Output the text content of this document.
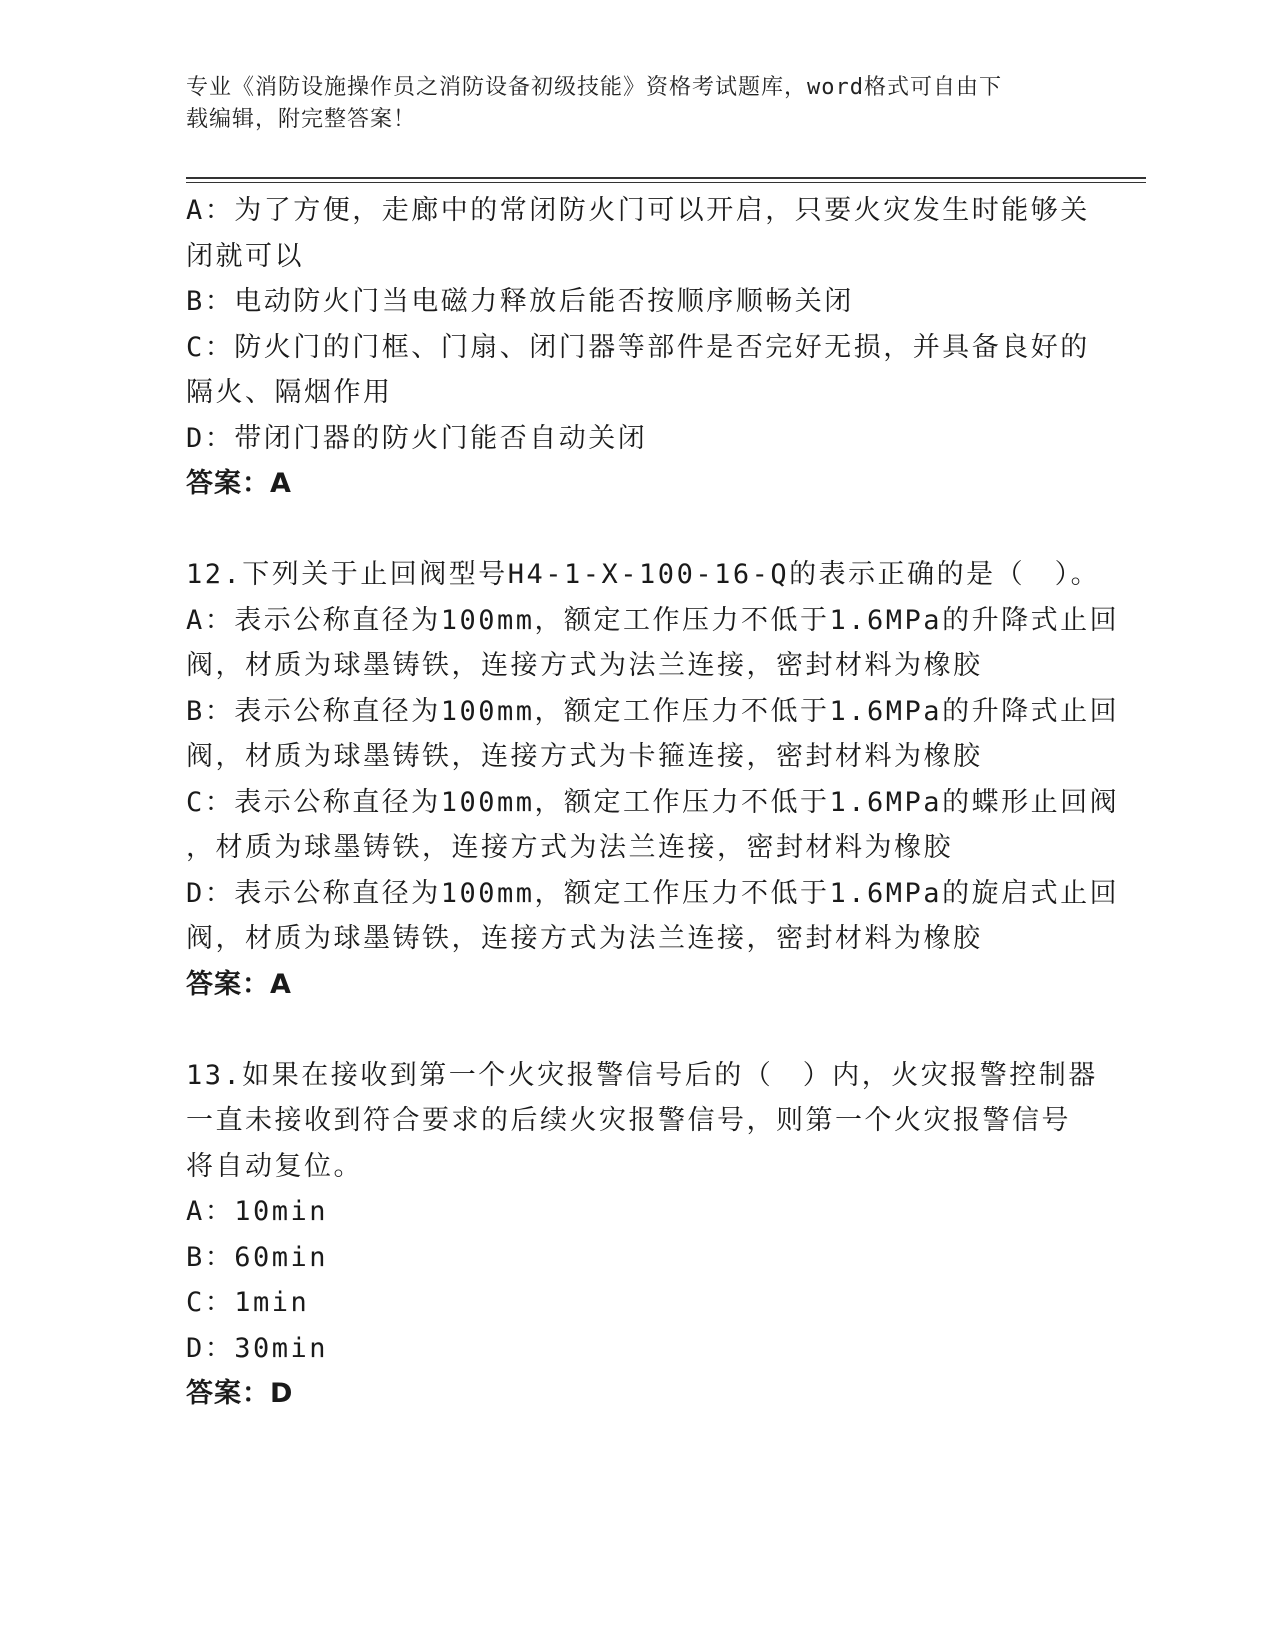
专业《消防设施操作员之消防设备初级技能》资格考试题库，word格式可自由下
载编辑，附完整答案！
A：为了方便，走廊中的常闭防火门可以开启，只要火灾发生时能够关
闭就可以
B：电动防火门当电磁力释放后能否按顺序顺畅关闭
C：防火门的门框、门扇、闭门器等部件是否完好无损，并具备良好的
隔火、隔烟作用
D：带闭门器的防火门能否自动关闭
答案：A
12.下列关于止回阀型号H4-1-X-100-16-Q的表示正确的是（　）。
A：表示公称直径为100mm，额定工作压力不低于1.6MPa的升降式止回
阀，材质为球墨铸铁，连接方式为法兰连接，密封材料为橡胶
B：表示公称直径为100mm，额定工作压力不低于1.6MPa的升降式止回
阀，材质为球墨铸铁，连接方式为卡箍连接，密封材料为橡胶
C：表示公称直径为100mm，额定工作压力不低于1.6MPa的蝶形止回阀
，材质为球墨铸铁，连接方式为法兰连接，密封材料为橡胶
D：表示公称直径为100mm，额定工作压力不低于1.6MPa的旋启式止回
阀，材质为球墨铸铁，连接方式为法兰连接，密封材料为橡胶
答案：A
13.如果在接收到第一个火灾报警信号后的（　）内，火灾报警控制器
一直未接收到符合要求的后续火灾报警信号，则第一个火灾报警信号
将自动复位。
A：10min
B：60min
C：1min
D：30min
答案：D
